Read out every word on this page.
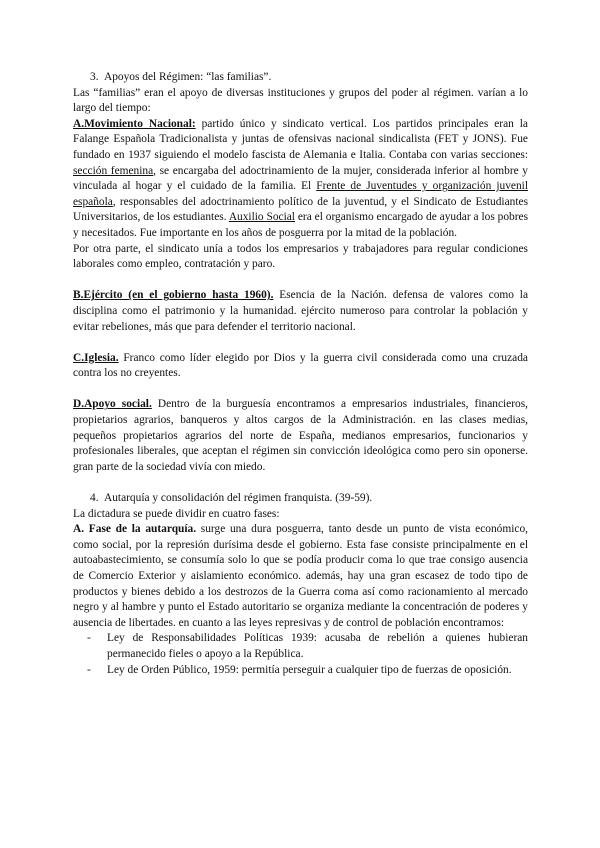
3. Apoyos del Régimen: “las familias”.

Las “familias” eran el apoyo de diversas instituciones y grupos del poder al régimen. varían a lo largo del tiempo:

A.Movimiento Nacional: partido único y sindicato vertical. Los partidos principales eran la Falange Española Tradicionalista y juntas de ofensivas nacional sindicalista (FET y JONS). Fue fundado en 1937 siguiendo el modelo fascista de Alemania e Italia. Contaba con varias secciones: sección femenina, se encargaba del adoctrinamiento de la mujer, considerada inferior al hombre y vinculada al hogar y el cuidado de la familia. El Frente de Juventudes y organización juvenil española, responsables del adoctrinamiento político de la juventud, y el Sindicato de Estudiantes Universitarios, de los estudiantes. Auxilio Social era el organismo encargado de ayudar a los pobres y necesitados. Fue importante en los años de posguerra por la mitad de la población.

Por otra parte, el sindicato unía a todos los empresarios y trabajadores para regular condiciones laborales como empleo, contratación y paro.

B.Ejército (en el gobierno hasta 1960). Esencia de la Nación. defensa de valores como la disciplina como el patrimonio y la humanidad. ejército numeroso para controlar la población y evitar rebeliones, más que para defender el territorio nacional.

C.Iglesia. Franco como líder elegido por Dios y la guerra civil considerada como una cruzada contra los no creyentes.

D.Apoyo social. Dentro de la burguesía encontramos a empresarios industriales, financieros, propietarios agrarios, banqueros y altos cargos de la Administración. en las clases medias, pequeños propietarios agrarios del norte de España, medianos empresarios, funcionarios y profesionales liberales, que aceptan el régimen sin convicción ideológica como pero sin oponerse. gran parte de la sociedad vivía con miedo.

4. Autarquía y consolidación del régimen franquista. (39-59).

La dictadura se puede dividir en cuatro fases:

A. Fase de la autarquía. surge una dura posguerra, tanto desde un punto de vista económico, como social, por la represión durísima desde el gobierno. Esta fase consiste principalmente en el autoabastecimiento, se consumía solo lo que se podía producir coma lo que trae consigo ausencia de Comercio Exterior y aislamiento económico. además, hay una gran escasez de todo tipo de productos y bienes debido a los destrozos de la Guerra coma así como racionamiento al mercado negro y al hambre y punto el Estado autoritario se organiza mediante la concentración de poderes y ausencia de libertades. en cuanto a las leyes represivas y de control de población encontramos:

- Ley de Responsabilidades Políticas 1939: acusaba de rebelión a quienes hubieran permanecido fieles o apoyo a la República.
- Ley de Orden Público, 1959: permitía perseguir a cualquier tipo de fuerzas de oposición.
